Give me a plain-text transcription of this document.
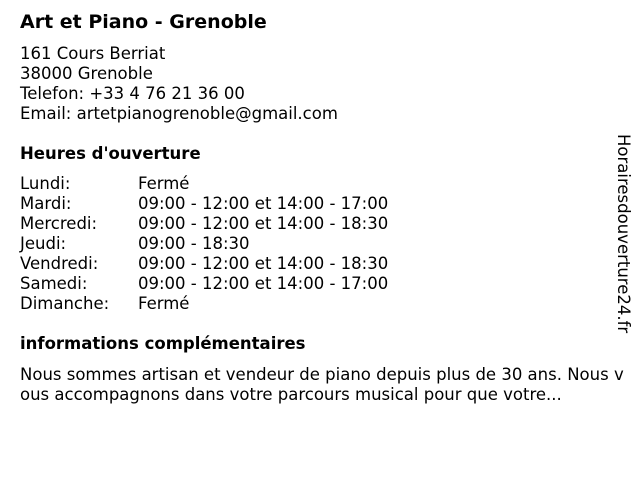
Art et Piano - Grenoble
161 Cours Berriat
38000 Grenoble
Telefon: +33 4 76 21 36 00
Email: artetpianogrenoble@gmail.com
Heures d'ouverture
Lundi:	Fermé
Mardi:	09:00 - 12:00 et 14:00 - 17:00
Mercredi: 09:00 - 12:00 et 14:00 - 18:30
Jeudi:	09:00 - 18:30
Vendredi: 09:00 - 12:00 et 14:00 - 18:30
Samedi:	09:00 - 12:00 et 14:00 - 17:00
Dimanche: Fermé
informations complémentaires
Nous sommes artisan et vendeur de piano depuis plus de 30 ans. Nous vous accompagnons dans votre parcours musical pour que votre...
Horairesdouverture24.fr
